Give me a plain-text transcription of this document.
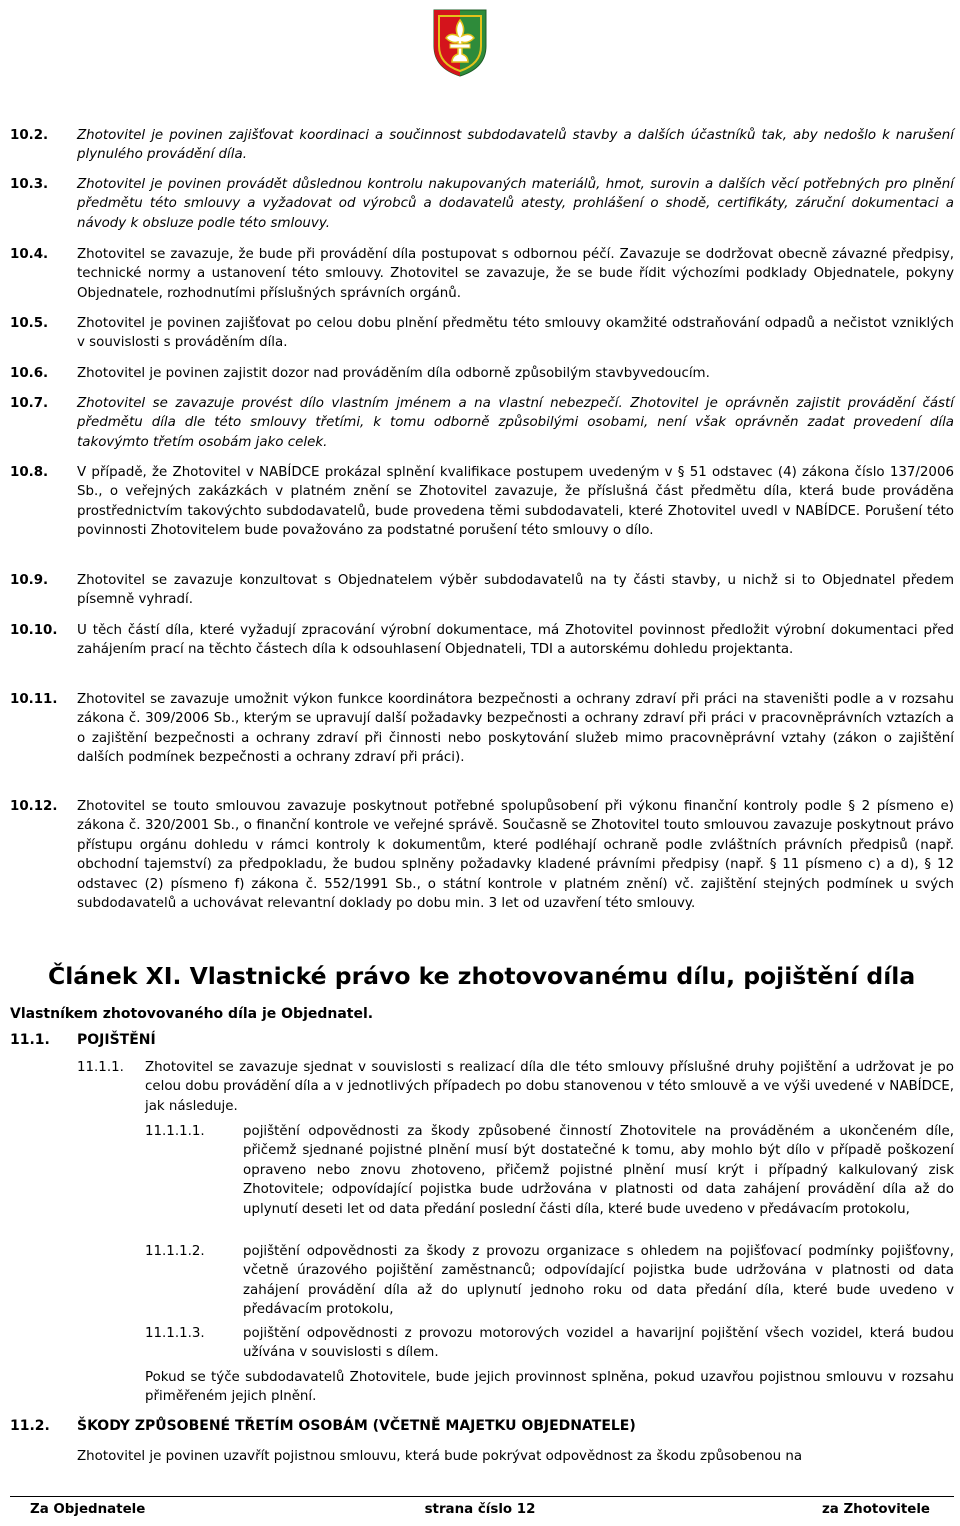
10.2. Zhotovitel je povinen zajišťovat koordinaci a součinnost subdodavatelů stavby a dalších účastníků tak, aby nedošlo k narušení plynulého provádění díla.
10.3. Zhotovitel je povinen provádět důslednou kontrolu nakupovaných materiálů, hmot, surovin a dalších věcí potřebných pro plnění předmětu této smlouvy a vyžadovat od výrobců a dodavatelů atesty, prohlášení o shodě, certifikáty, záruční dokumentaci a návody k obsluze podle této smlouvy.
10.4. Zhotovitel se zavazuje, že bude při provádění díla postupovat s odbornou péčí. Zavazuje se dodržovat obecně závazné předpisy, technické normy a ustanovení této smlouvy. Zhotovitel se zavazuje, že se bude řídit výchozími podklady Objednatele, pokyny Objednatele, rozhodnutími příslušných správních orgánů.
10.5. Zhotovitel je povinen zajišťovat po celou dobu plnění předmětu této smlouvy okamžité odstraňování odpadů a nečistot vzniklých v souvislosti s prováděním díla.
10.6. Zhotovitel je povinen zajistit dozor nad prováděním díla odborně způsobilým stavbyvedoucím.
10.7. Zhotovitel se zavazuje provést dílo vlastním jménem a na vlastní nebezpečí. Zhotovitel je oprávněn zajistit provádění částí předmětu díla dle této smlouvy třetími, k tomu odborně způsobilými osobami, není však oprávněn zadat provedení díla takovýmto třetím osobám jako celek.
10.8. V případě, že Zhotovitel v NABÍDCE prokázal splnění kvalifikace postupem uvedeným v § 51 odstavec (4) zákona číslo 137/2006 Sb., o veřejných zakázkách v platném znění se Zhotovitel zavazuje, že příslušná část předmětu díla, která bude prováděna prostřednictvím takovýchto subdodavatelů, bude provedena těmi subdodavateli, které Zhotovitel uvedl v NABÍDCE. Porušení této povinnosti Zhotovitelem bude považováno za podstatné porušení této smlouvy o dílo.
10.9. Zhotovitel se zavazuje konzultovat s Objednatelem výběr subdodavatelů na ty části stavby, u nichž si to Objednatel předem písemně vyhradí.
10.10. U těch částí díla, které vyžadují zpracování výrobní dokumentace, má Zhotovitel povinnost předložit výrobní dokumentaci před zahájením prací na těchto částech díla k odsouhlasení Objednateli, TDI a autorskému dohledu projektanta.
10.11. Zhotovitel se zavazuje umožnit výkon funkce koordinátora bezpečnosti a ochrany zdraví při práci na staveništi podle a v rozsahu zákona č. 309/2006 Sb., kterým se upravují další požadavky bezpečnosti a ochrany zdraví při práci v pracovněprávních vztazích a o zajištění bezpečnosti a ochrany zdraví při činnosti nebo poskytování služeb mimo pracovněprávní vztahy (zákon o zajištění dalších podmínek bezpečnosti a ochrany zdraví při práci).
10.12. Zhotovitel se touto smlouvou zavazuje poskytnout potřebné spolupůsobení při výkonu finanční kontroly podle § 2 písmeno e) zákona č. 320/2001 Sb., o finanční kontrole ve veřejné správě. Současně se Zhotovitel touto smlouvou zavazuje poskytnout právo přístupu orgánu dohledu v rámci kontroly k dokumentům, které podléhají ochraně podle zvláštních právních předpisů (např. obchodní tajemství) za předpokladu, že budou splněny požadavky kladené právními předpisy (např. § 11 písmeno c) a d), § 12 odstavec (2) písmeno f) zákona č. 552/1991 Sb., o státní kontrole v platném znění) vč. zajištění stejných podmínek u svých subdodavatelů a uchovávat relevantní doklady po dobu min. 3 let od uzavření této smlouvy.
Článek XI. Vlastnické právo ke zhotovovanému dílu, pojištění díla
Vlastníkem zhotovovaného díla je Objednatel.
11.1. POJIŠTĚNÍ
11.1.1. Zhotovitel se zavazuje sjednat v souvislosti s realizací díla dle této smlouvy příslušné druhy pojištění a udržovat je po celou dobu provádění díla a v jednotlivých případech po dobu stanovenou v této smlouvě a ve výši uvedené v NABÍDCE, jak následuje.
11.1.1.1.	pojištění odpovědnosti za škody způsobené činností Zhotovitele na prováděném a ukončeném díle, přičemž sjednané pojistné plnění musí být dostatečné k tomu, aby mohlo být dílo v případě poškození opraveno nebo znovu zhotoveno, přičemž pojistné plnění musí krýt i případný kalkulovaný zisk Zhotovitele; odpovídající pojistka bude udržována v platnosti od data zahájení provádění díla až do uplynutí deseti let od data předání poslední části díla, které bude uvedeno v předávacím protokolu,
11.1.1.2.	pojištění odpovědnosti za škody z provozu organizace s ohledem na pojišťovací podmínky pojišťovny, včetně úrazového pojištění zaměstnanců; odpovídající pojistka bude udržována v platnosti od data zahájení provádění díla až do uplynutí jednoho roku od data předání díla, které bude uvedeno v předávacím protokolu,
11.1.1.3.	pojištění odpovědnosti z provozu motorových vozidel a havarijní pojištění všech vozidel, která budou užívána v souvislosti s dílem.
Pokud se týče subdodavatelů Zhotovitele, bude jejich provinnost splněna, pokud uzavřou pojistnou smlouvu v rozsahu přiměřeném jejich plnění.
11.2. ŠKODY ZPŮSOBENÉ TŘETÍM OSOBÁM (VČETNĚ MAJETKU OBJEDNATELE)
Zhotovitel je povinen uzavřít pojistnou smlouvu, která bude pokrývat odpovědnost za škodu způsobenou na
Za Objednatele	strana číslo 12	za Zhotovitele
